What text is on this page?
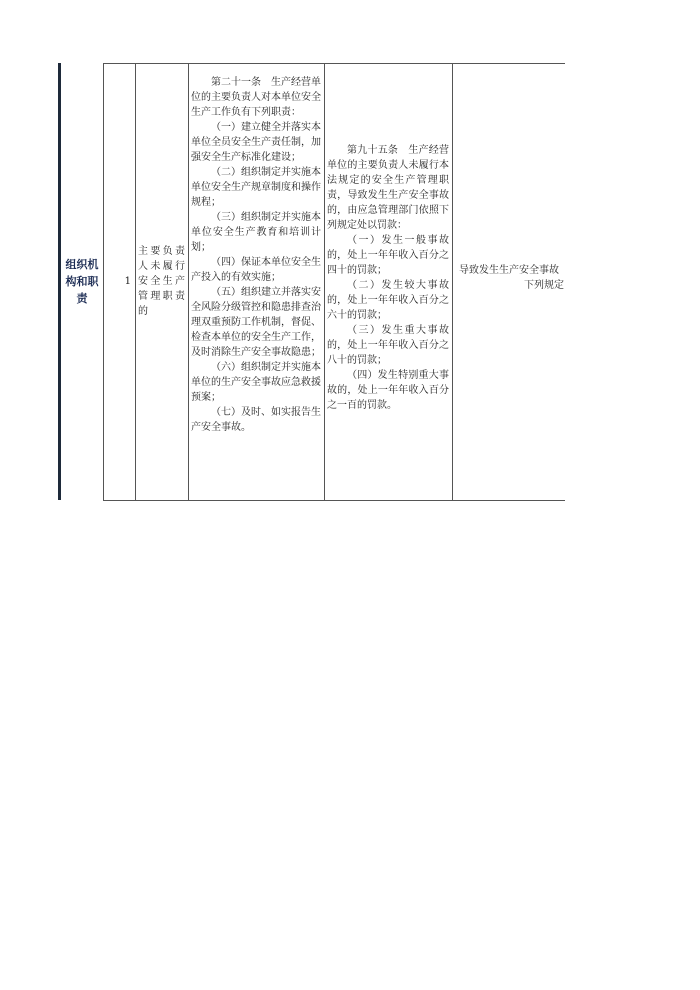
组织机构和职责
1
主要负责人未履行安全生产管理职责的

第二十一条　生产经营单位的主要负责人对本单位安全生产工作负有下列职责：

（一）建立健全并落实本单位全员安全生产责任制，加强安全生产标准化建设；

（二）组织制定并实施本单位安全生产规章制度和操作规程；

（三）组织制定并实施本单位安全生产教育和培训计划；

（四）保证本单位安全生产投入的有效实施；

（五）组织建立并落实安全风险分级管控和隐患排查治理双重预防工作机制，督促、检查本单位的安全生产工作，及时消除生产安全事故隐患；

（六）组织制定并实施本单位的生产安全事故应急救援预案；

（七）及时、如实报告生产安全事故。

第九十五条　生产经营单位的主要负责人未履行本法规定的安全生产管理职责，导致发生生产安全事故的，由应急管理部门依照下列规定处以罚款：

（一）发生一般事故的，处上一年年收入百分之四十的罚款；

（二）发生较大事故的，处上一年年收入百分之六十的罚款；

（三）发生重大事故的，处上一年年收入百分之八十的罚款；

（四）发生特别重大事故的，处上一年年收入百分之一百的罚款。

导致发生生产安全事故
下列规定
